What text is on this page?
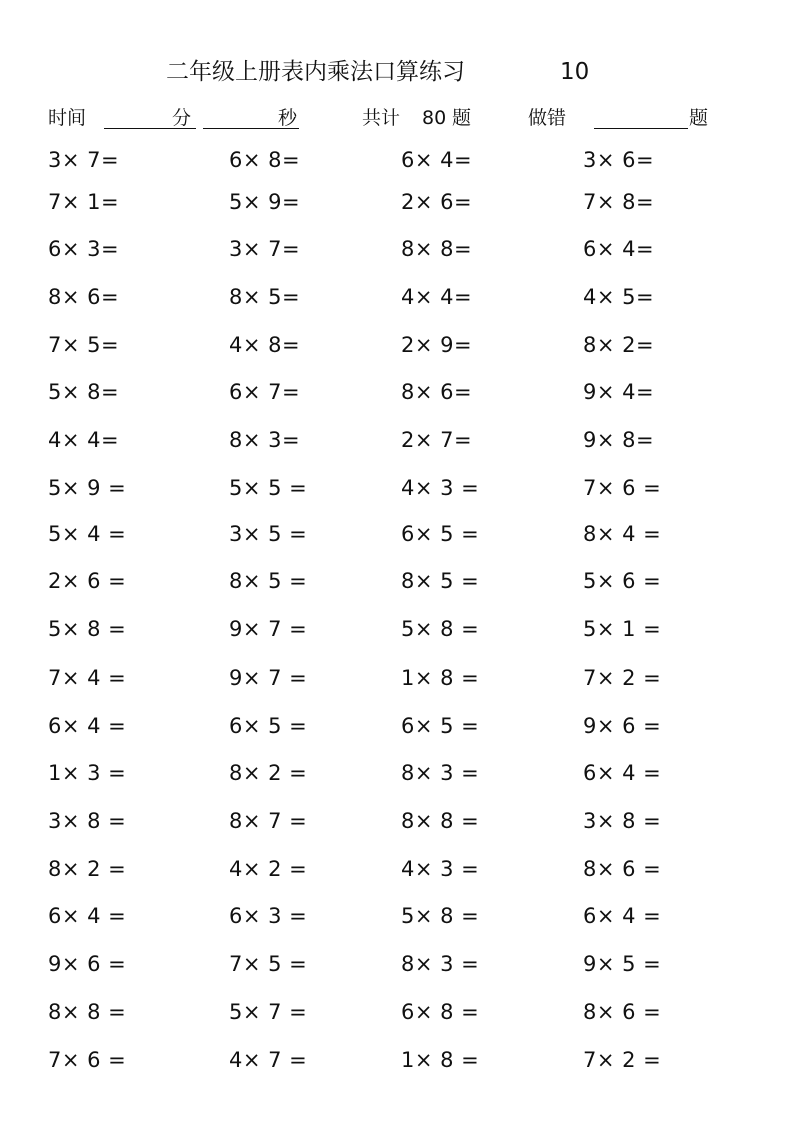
二年级上册表内乘法口算练习	10
时间	分	秒	共计 80 题	做错	题
3× 7=	6× 8=	6× 4=	3× 6=
7× 1=	5× 9=	2× 6=	7× 8=
6× 3=	3× 7=	8× 8=	6× 4=
8× 6=	8× 5=	4× 4=	4× 5=
7× 5=	4× 8=	2× 9=	8× 2=
5× 8=	6× 7=	8× 6=	9× 4=
4× 4=	8× 3=	2× 7=	9× 8=
5× 9 =	5× 5 =	4× 3 =	7× 6 =
5× 4 =	3× 5 =	6× 5 =	8× 4 =
2× 6 =	8× 5 =	8× 5 =	5× 6 =
5× 8 =	9× 7 =	5× 8 =	5× 1 =
7× 4 =	9× 7 =	1× 8 =	7× 2 =
6× 4 =	6× 5 =	6× 5 =	9× 6 =
1× 3 =	8× 2 =	8× 3 =	6× 4 =
3× 8 =	8× 7 =	8× 8 =	3× 8 =
8× 2 =	4× 2 =	4× 3 =	8× 6 =
6× 4 =	6× 3 =	5× 8 =	6× 4 =
9× 6 =	7× 5 =	8× 3 =	9× 5 =
8× 8 =	5× 7 =	6× 8 =	8× 6 =
7× 6 =	4× 7 =	1× 8 =	7× 2 =
